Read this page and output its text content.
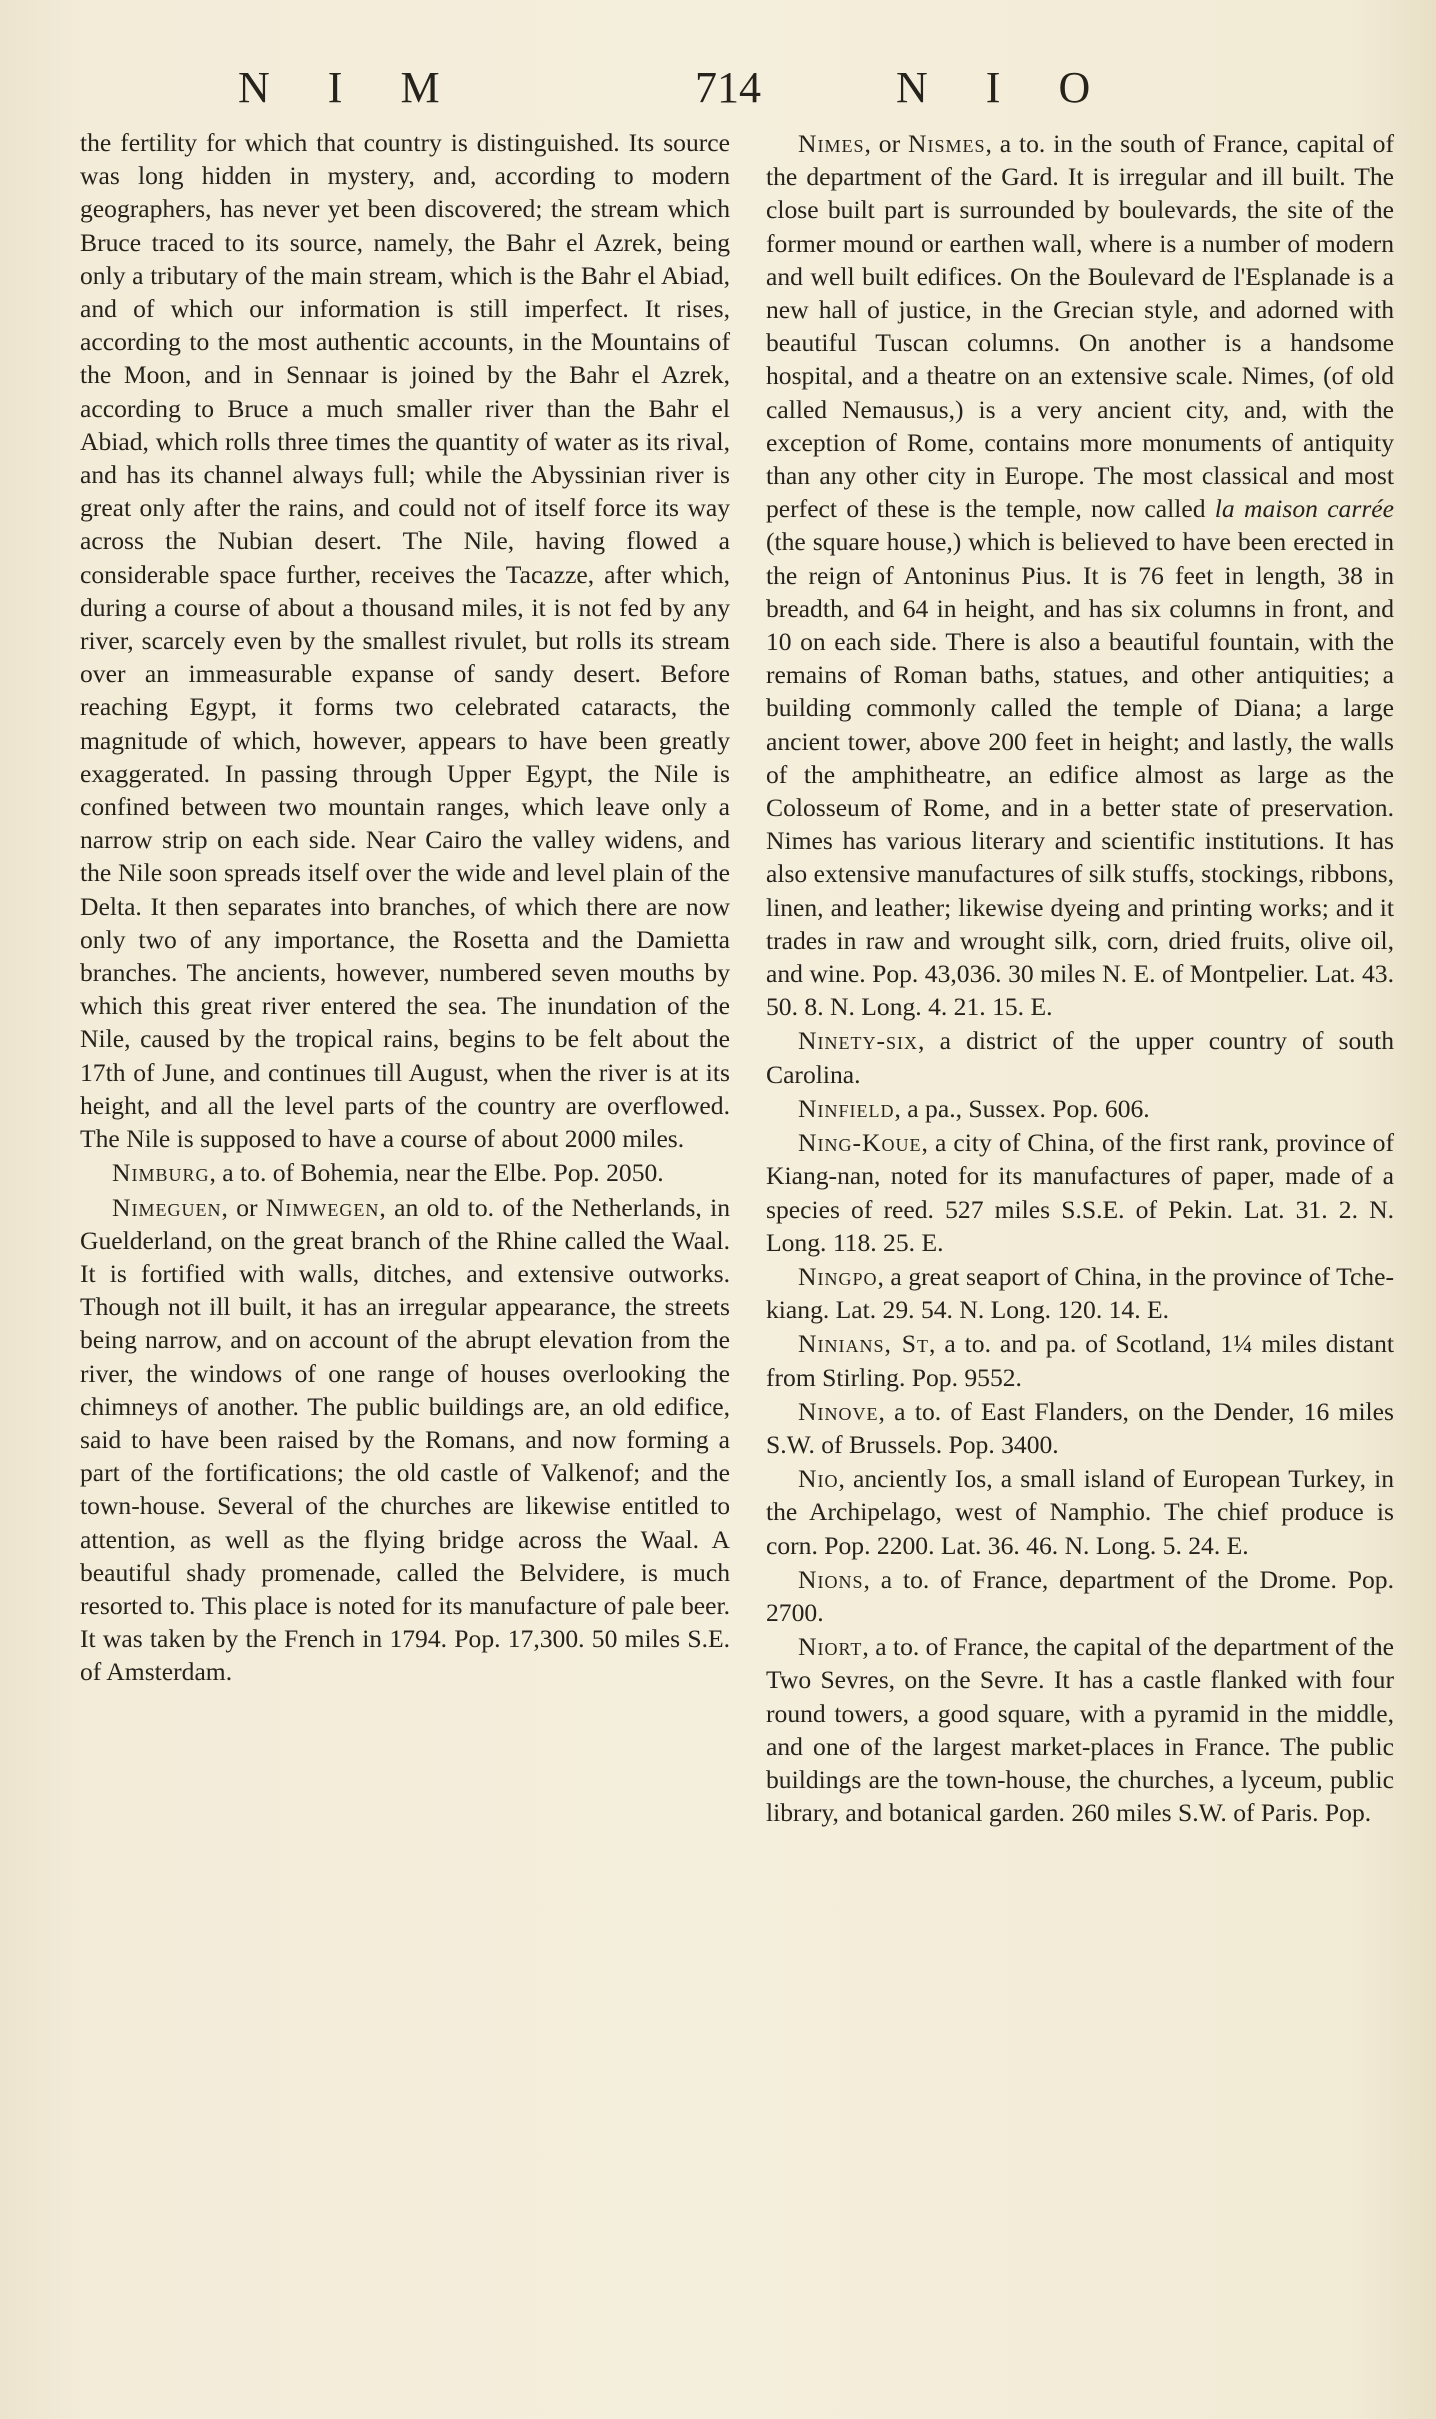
N I M	714	N I O

the fertility for which that country is distinguished. Its source was long hidden in mystery, and, according to modern geographers, has never yet been discovered; the stream which Bruce traced to its source, namely, the Bahr el Azrek, being only a tributary of the main stream, which is the Bahr el Abiad, and of which our information is still imperfect. It rises, according to the most authentic accounts, in the Mountains of the Moon, and in Sennaar is joined by the Bahr el Azrek, according to Bruce a much smaller river than the Bahr el Abiad, which rolls three times the quantity of water as its rival, and has its channel always full; while the Abyssinian river is great only after the rains, and could not of itself force its way across the Nubian desert. The Nile, having flowed a considerable space further, receives the Tacazze, after which, during a course of about a thousand miles, it is not fed by any river, scarcely even by the smallest rivulet, but rolls its stream over an immeasurable expanse of sandy desert. Before reaching Egypt, it forms two celebrated cataracts, the magnitude of which, however, appears to have been greatly exaggerated. In passing through Upper Egypt, the Nile is confined between two mountain ranges, which leave only a narrow strip on each side. Near Cairo the valley widens, and the Nile soon spreads itself over the wide and level plain of the Delta. It then separates into branches, of which there are now only two of any importance, the Rosetta and the Damietta branches. The ancients, however, numbered seven mouths by which this great river entered the sea. The inundation of the Nile, caused by the tropical rains, begins to be felt about the 17th of June, and continues till August, when the river is at its height, and all the level parts of the country are overflowed. The Nile is supposed to have a course of about 2000 miles.

Nimburg, a to. of Bohemia, near the Elbe. Pop. 2050.

Nimeguen, or Nimwegen, an old to. of the Netherlands, in Guelderland, on the great branch of the Rhine called the Waal. It is fortified with walls, ditches, and extensive outworks. Though not ill built, it has an irregular appearance, the streets being narrow, and on account of the abrupt elevation from the river, the windows of one range of houses overlooking the chimneys of another. The public buildings are, an old edifice, said to have been raised by the Romans, and now forming a part of the fortifications; the old castle of Valkenof; and the town-house. Several of the churches are likewise entitled to attention, as well as the flying bridge across the Waal. A beautiful shady promenade, called the Belvidere, is much resorted to. This place is noted for its manufacture of pale beer. It was taken by the French in 1794. Pop. 17,300. 50 miles S.E. of Amsterdam.

Nimes, or Nismes, a to. in the south of France, capital of the department of the Gard. It is irregular and ill built. The close built part is surrounded by boulevards, the site of the former mound or earthen wall, where is a number of modern and well built edifices. On the Boulevard de l'Esplanade is a new hall of justice, in the Grecian style, and adorned with beautiful Tuscan columns. On another is a handsome hospital, and a theatre on an extensive scale. Nimes, (of old called Nemausus,) is a very ancient city, and, with the exception of Rome, contains more monuments of antiquity than any other city in Europe. The most classical and most perfect of these is the temple, now called la maison carrée (the square house,) which is believed to have been erected in the reign of Antoninus Pius. It is 76 feet in length, 38 in breadth, and 64 in height, and has six columns in front, and 10 on each side. There is also a beautiful fountain, with the remains of Roman baths, statues, and other antiquities; a building commonly called the temple of Diana; a large ancient tower, above 200 feet in height; and lastly, the walls of the amphitheatre, an edifice almost as large as the Colosseum of Rome, and in a better state of preservation. Nimes has various literary and scientific institutions. It has also extensive manufactures of silk stuffs, stockings, ribbons, linen, and leather; likewise dyeing and printing works; and it trades in raw and wrought silk, corn, dried fruits, olive oil, and wine. Pop. 43,036. 30 miles N. E. of Montpelier. Lat. 43. 50. 8. N. Long. 4. 21. 15. E.

Ninety-six, a district of the upper country of south Carolina.

Ninfield, a pa., Sussex. Pop. 606.

Ning-Koue, a city of China, of the first rank, province of Kiang-nan, noted for its manufactures of paper, made of a species of reed. 527 miles S.S.E. of Pekin. Lat. 31. 2. N. Long. 118. 25. E.

Ningpo, a great seaport of China, in the province of Tche-kiang. Lat. 29. 54. N. Long. 120. 14. E.

Ninians, St, a to. and pa. of Scotland, 1¼ miles distant from Stirling. Pop. 9552.

Ninove, a to. of East Flanders, on the Dender, 16 miles S.W. of Brussels. Pop. 3400.

Nio, anciently Ios, a small island of European Turkey, in the Archipelago, west of Namphio. The chief produce is corn. Pop. 2200. Lat. 36. 46. N. Long. 5. 24. E.

Nions, a to. of France, department of the Drome. Pop. 2700.

Niort, a to. of France, the capital of the department of the Two Sevres, on the Sevre. It has a castle flanked with four round towers, a good square, with a pyramid in the middle, and one of the largest market-places in France. The public buildings are the town-house, the churches, a lyceum, public library, and botanical garden. 260 miles S.W. of Paris. Pop.
